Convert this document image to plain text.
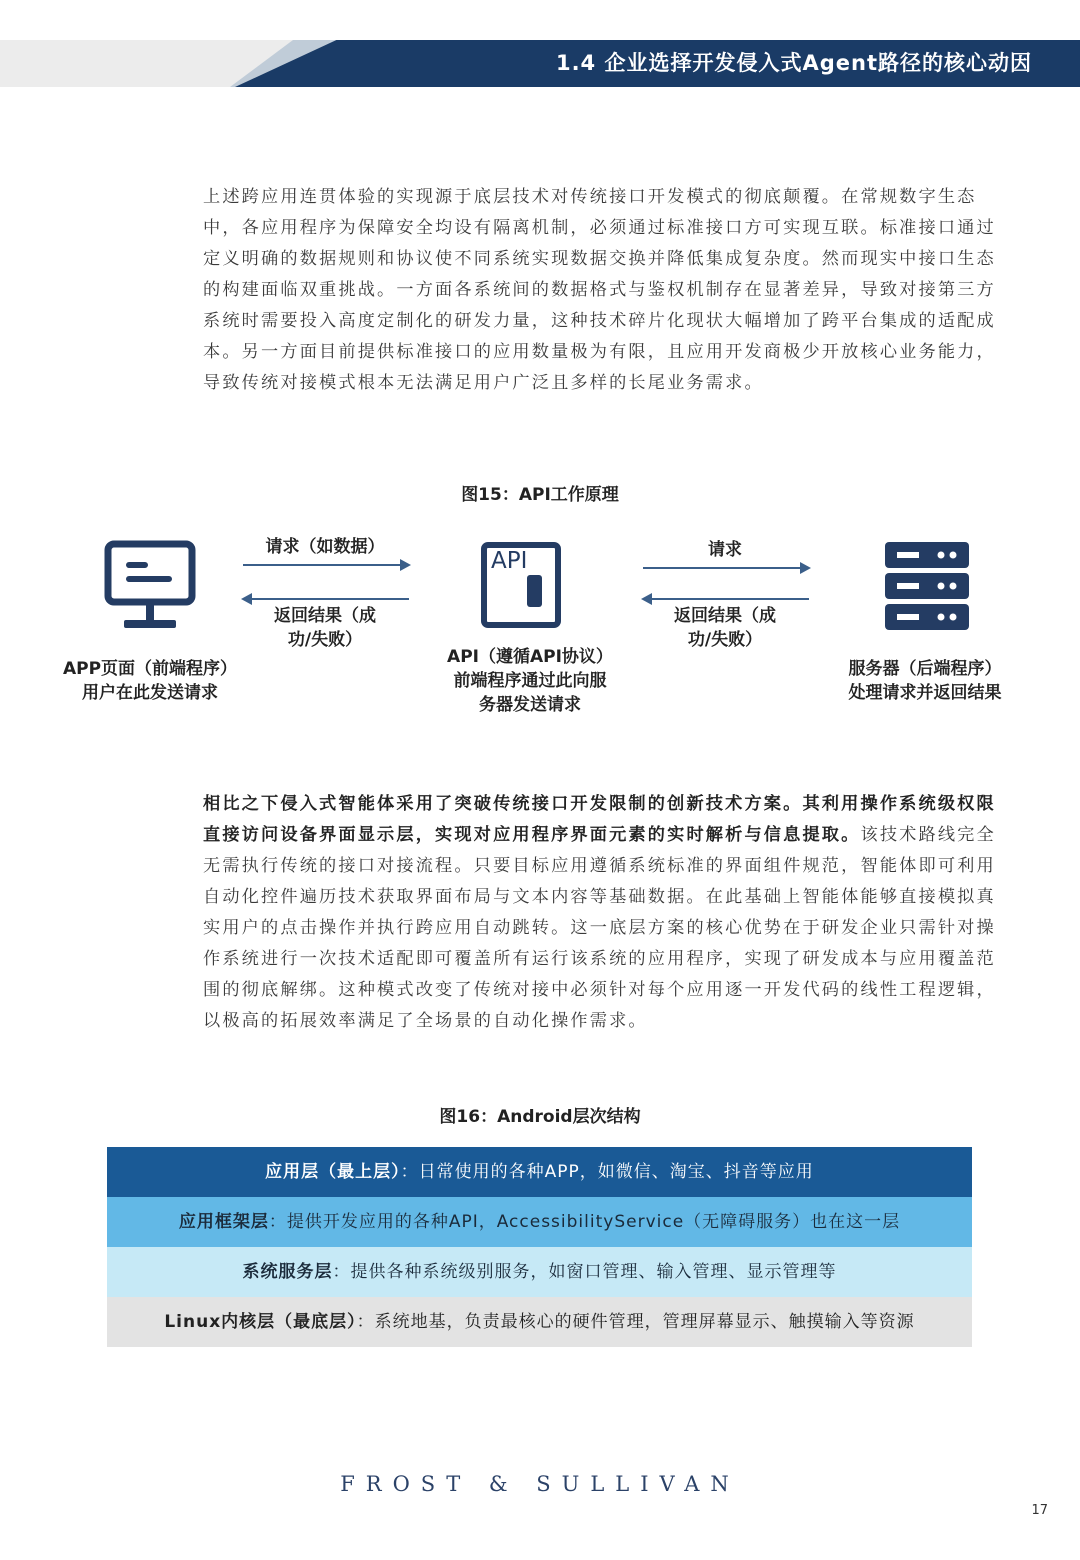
1.4 企业选择开发侵入式Agent路径的核心动因
上述跨应用连贯体验的实现源于底层技术对传统接口开发模式的彻底颠覆。在常规数字生态中，各应用程序为保障安全均设有隔离机制，必须通过标准接口方可实现互联。标准接口通过定义明确的数据规则和协议使不同系统实现数据交换并降低集成复杂度。然而现实中接口生态的构建面临双重挑战。一方面各系统间的数据格式与鉴权机制存在显著差异，导致对接第三方系统时需要投入高度定制化的研发力量，这种技术碎片化现状大幅增加了跨平台集成的适配成本。另一方面目前提供标准接口的应用数量极为有限，且应用开发商极少开放核心业务能力，导致传统对接模式根本无法满足用户广泛且多样的长尾业务需求。
图15：API工作原理
API
请求（如数据）
返回结果（成
功/失败）
请求
返回结果（成
功/失败）
APP页面（前端程序）
用户在此发送请求
API（遵循API协议）
前端程序通过此向服
务器发送请求
服务器（后端程序）
处理请求并返回结果
相比之下侵入式智能体采用了突破传统接口开发限制的创新技术方案。其利用操作系统级权限直接访问设备界面显示层，实现对应用程序界面元素的实时解析与信息提取。该技术路线完全无需执行传统的接口对接流程。只要目标应用遵循系统标准的界面组件规范，智能体即可利用自动化控件遍历技术获取界面布局与文本内容等基础数据。在此基础上智能体能够直接模拟真实用户的点击操作并执行跨应用自动跳转。这一底层方案的核心优势在于研发企业只需针对操作系统进行一次技术适配即可覆盖所有运行该系统的应用程序，实现了研发成本与应用覆盖范围的彻底解绑。这种模式改变了传统对接中必须针对每个应用逐一开发代码的线性工程逻辑，以极高的拓展效率满足了全场景的自动化操作需求。
图16：Android层次结构
应用层（最上层）：日常使用的各种APP，如微信、淘宝、抖音等应用
应用框架层：提供开发应用的各种API，AccessibilityService（无障碍服务）也在这一层
系统服务层：提供各种系统级别服务，如窗口管理、输入管理、显示管理等
Linux内核层（最底层）：系统地基，负责最核心的硬件管理，管理屏幕显示、触摸输入等资源
FROST & SULLIVAN
17
